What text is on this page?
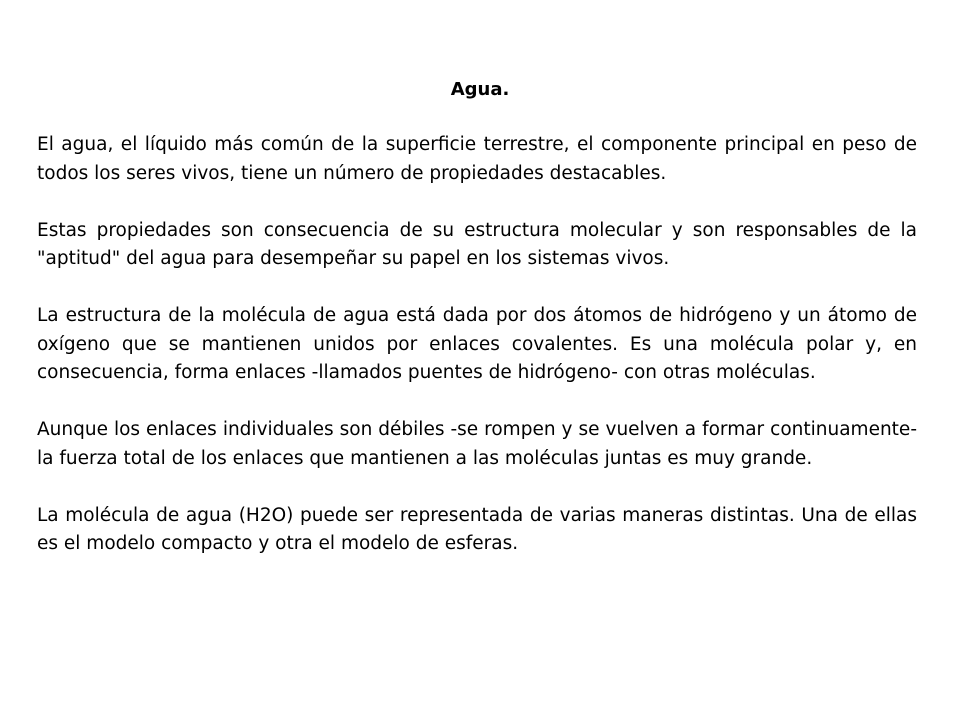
Agua.

El agua, el líquido más común de la superficie terrestre, el componente principal en peso de todos los seres vivos, tiene un número de propiedades destacables.

Estas propiedades son consecuencia de su estructura molecular y son responsables de la "aptitud" del agua para desempeñar su papel en los sistemas vivos.

La estructura de la molécula de agua está dada por dos átomos de hidrógeno y un átomo de oxígeno que se mantienen unidos por enlaces covalentes. Es una molécula polar y, en consecuencia, forma enlaces -llamados puentes de hidrógeno- con otras moléculas.

Aunque los enlaces individuales son débiles -se rompen y se vuelven a formar continuamente- la fuerza total de los enlaces que mantienen a las moléculas juntas es muy grande.

La molécula de agua (H2O) puede ser representada de varias maneras distintas. Una de ellas es el modelo compacto y otra el modelo de esferas.
